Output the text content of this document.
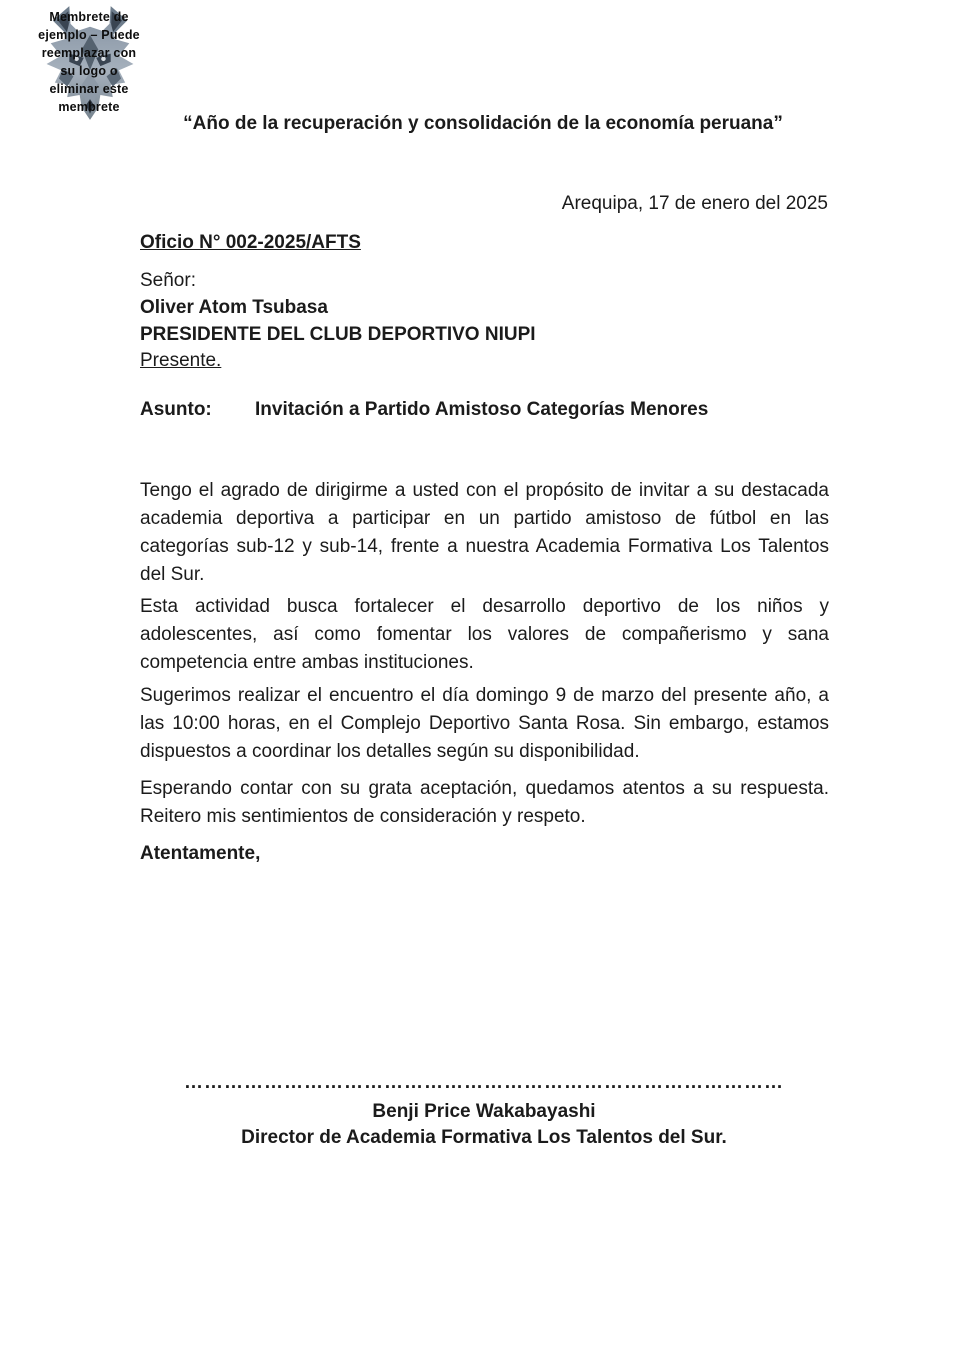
Membrete de
ejemplo – Puede
reemplazar con
su logo o
eliminar este
membrete
“Año de la recuperación y consolidación de la economía peruana”
Arequipa, 17 de enero del 2025
Oficio N° 002-2025/AFTS
Señor:
Oliver Atom Tsubasa
PRESIDENTE DEL CLUB DEPORTIVO NIUPI
Presente.
Asunto: Invitación a Partido Amistoso Categorías Menores
Tengo el agrado de dirigirme a usted con el propósito de invitar a su destacada academia deportiva a participar en un partido amistoso de fútbol en las categorías sub-12 y sub-14, frente a nuestra Academia Formativa Los Talentos del Sur.
Esta actividad busca fortalecer el desarrollo deportivo de los niños y adolescentes, así como fomentar los valores de compañerismo y sana competencia entre ambas instituciones.
Sugerimos realizar el encuentro el día domingo 9 de marzo del presente año, a las 10:00 horas, en el Complejo Deportivo Santa Rosa. Sin embargo, estamos dispuestos a coordinar los detalles según su disponibilidad.
Esperando contar con su grata aceptación, quedamos atentos a su respuesta. Reitero mis sentimientos de consideración y respeto.
Atentamente,
………………………………………………………………………………
Benji Price Wakabayashi
Director de Academia Formativa Los Talentos del Sur.
